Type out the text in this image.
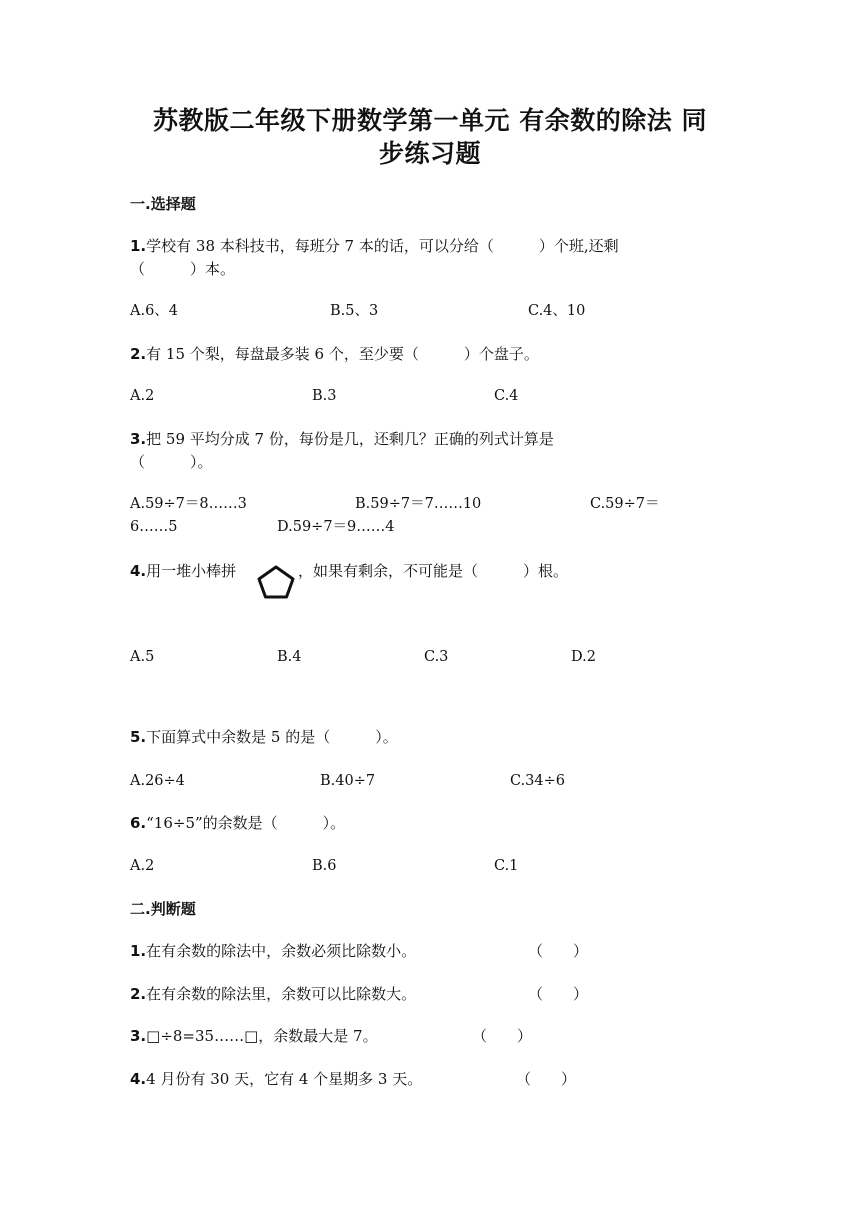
苏教版二年级下册数学第一单元 有余数的除法 同
步练习题
一.选择题
1.学校有 38 本科技书，每班分 7 本的话，可以分给（　　　）个班,还剩
（　　　）本。
A.6、4	B.5、3	C.4、10
2.有 15 个梨，每盘最多装 6 个，至少要（　　　）个盘子。
A.2	B.3	C.4
3.把 59 平均分成 7 份，每份是几，还剩几？正确的列式计算是
（　　　）。
A.59÷7＝8……3	B.59÷7＝7……10	C.59÷7＝
6……5	D.59÷7＝9……4
4.用一堆小棒拼	，如果有剩余，不可能是（　　　）根。
A.5	B.4	C.3	D.2
5.下面算式中余数是 5 的是（　　　）。
A.26÷4	B.40÷7	C.34÷6
6.“16÷5”的余数是（　　　）。
A.2	B.6	C.1
二.判断题
1.在有余数的除法中，余数必须比除数小。	（　　）
2.在有余数的除法里，余数可以比除数大。	（　　）
3.□÷8=35……□，余数最大是 7。	（　　）
4.4 月份有 30 天，它有 4 个星期多 3 天。	（　　）
